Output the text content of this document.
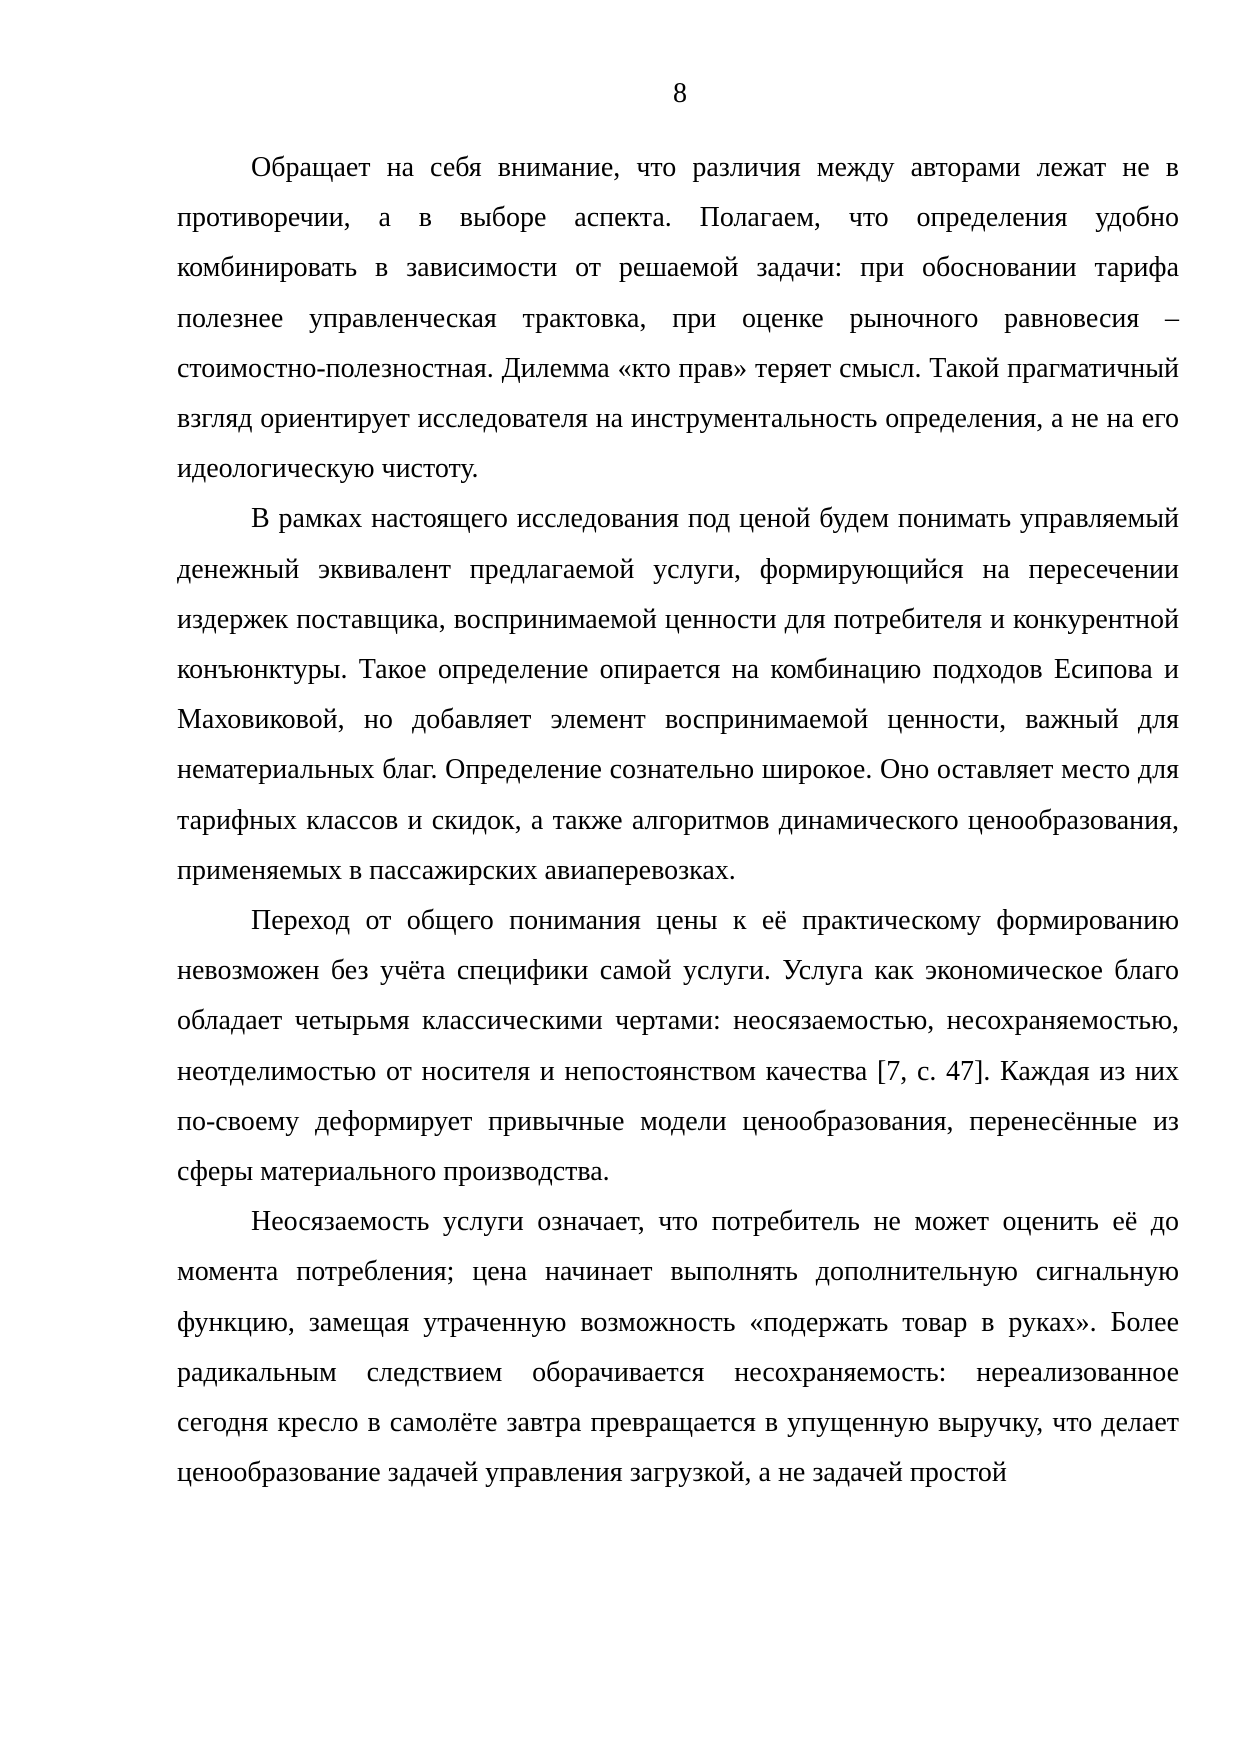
8

Обращает на себя внимание, что различия между авторами лежат не в противоречии, а в выборе аспекта. Полагаем, что определения удобно комбинировать в зависимости от решаемой задачи: при обосновании тарифа полезнее управленческая трактовка, при оценке рыночного равновесия – стоимостно-полезностная. Дилемма «кто прав» теряет смысл. Такой прагматичный взгляд ориентирует исследователя на инструментальность определения, а не на его идеологическую чистоту.

В рамках настоящего исследования под ценой будем понимать управляемый денежный эквивалент предлагаемой услуги, формирующийся на пересечении издержек поставщика, воспринимаемой ценности для потребителя и конкурентной конъюнктуры. Такое определение опирается на комбинацию подходов Есипова и Маховиковой, но добавляет элемент воспринимаемой ценности, важный для нематериальных благ. Определение сознательно широкое. Оно оставляет место для тарифных классов и скидок, а также алгоритмов динамического ценообразования, применяемых в пассажирских авиаперевозках.

Переход от общего понимания цены к её практическому формированию невозможен без учёта специфики самой услуги. Услуга как экономическое благо обладает четырьмя классическими чертами: неосязаемостью, несохраняемостью, неотделимостью от носителя и непостоянством качества [7, с. 47]. Каждая из них по-своему деформирует привычные модели ценообразования, перенесённые из сферы материального производства.

Неосязаемость услуги означает, что потребитель не может оценить её до момента потребления; цена начинает выполнять дополнительную сигнальную функцию, замещая утраченную возможность «подержать товар в руках». Более радикальным следствием оборачивается несохраняемость: нереализованное сегодня кресло в самолёте завтра превращается в упущенную выручку, что делает ценообразование задачей управления загрузкой, а не задачей простой
